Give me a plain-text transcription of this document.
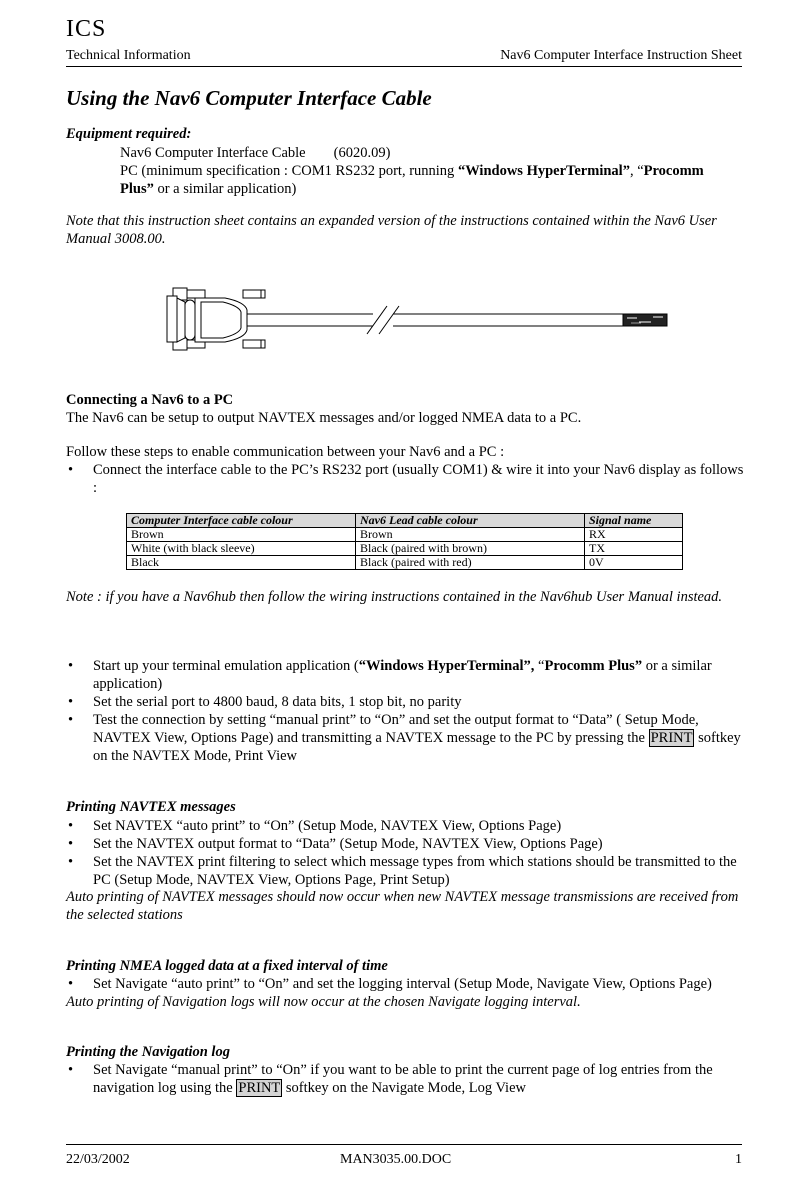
ICS
Technical Information	Nav6 Computer Interface Instruction Sheet
Using the Nav6 Computer Interface Cable
Equipment required:
Nav6 Computer Interface Cable (6020.09)
PC (minimum specification : COM1 RS232 port, running “Windows HyperTerminal”, “Procomm Plus” or a similar application)
Note that this instruction sheet contains an expanded version of the instructions contained within the Nav6 User Manual 3008.00.
Connecting a Nav6 to a PC
The Nav6 can be setup to output NAVTEX messages and/or logged NMEA data to a PC.
Follow these steps to enable communication between your Nav6 and a PC :
• Connect the interface cable to the PC’s RS232 port (usually COM1) & wire it into your Nav6 display as follows :
Computer Interface cable colour	Nav6 Lead cable colour	Signal name
Brown	Brown	RX
White (with black sleeve)	Black (paired with brown)	TX
Black	Black (paired with red)	0V
Note : if you have a Nav6hub then follow the wiring instructions contained in the Nav6hub User Manual instead.
• Start up your terminal emulation application (“Windows HyperTerminal”, “Procomm Plus” or a similar application)
• Set the serial port to 4800 baud, 8 data bits, 1 stop bit, no parity
• Test the connection by setting “manual print” to “On” and set the output format to “Data” ( Setup Mode, NAVTEX View, Options Page) and transmitting a NAVTEX message to the PC by pressing the PRINT softkey on the NAVTEX Mode, Print View
Printing NAVTEX messages
• Set NAVTEX “auto print” to “On” (Setup Mode, NAVTEX View, Options Page)
• Set the NAVTEX output format to “Data” (Setup Mode, NAVTEX View, Options Page)
• Set the NAVTEX print filtering to select which message types from which stations should be transmitted to the PC (Setup Mode, NAVTEX View, Options Page, Print Setup)
Auto printing of NAVTEX messages should now occur when new NAVTEX message transmissions are received from the selected stations
Printing NMEA logged data at a fixed interval of time
• Set Navigate “auto print” to “On” and set the logging interval (Setup Mode, Navigate View, Options Page)
Auto printing of Navigation logs will now occur at the chosen Navigate logging interval.
Printing the Navigation log
• Set Navigate “manual print” to “On” if you want to be able to print the current page of log entries from the navigation log using the PRINT softkey on the Navigate Mode, Log View
22/03/2002	MAN3035.00.DOC	1
